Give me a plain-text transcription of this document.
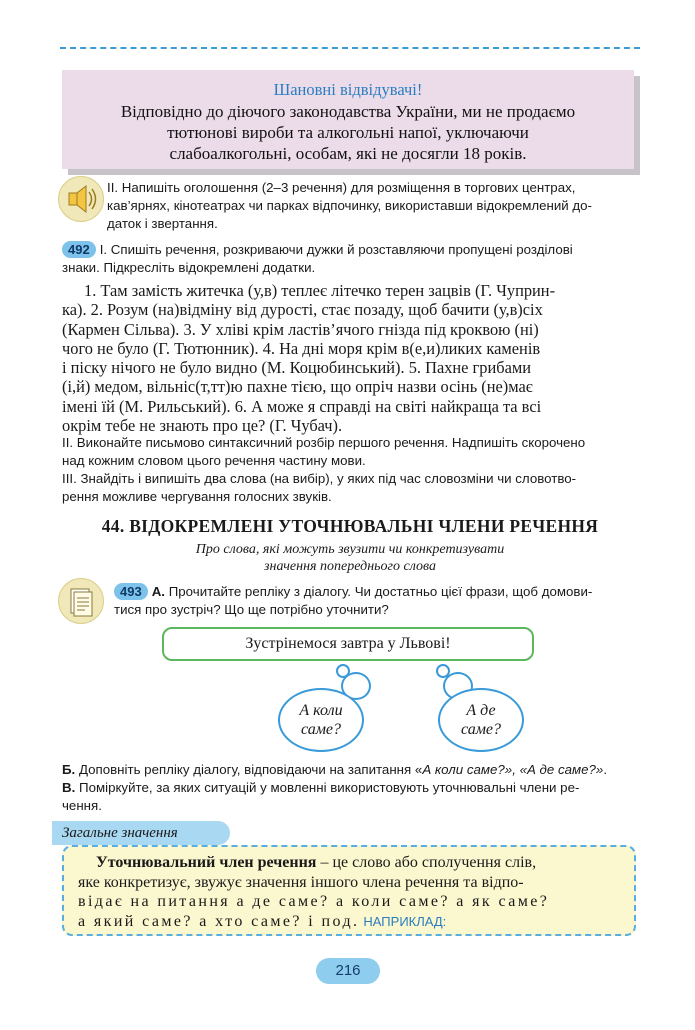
Шановні відвідувачі!
Відповідно до діючого законодавства України, ми не продаємо
тютюнові вироби та алкогольні напої, уключаючи
слабоалкогольні, особам, які не досягли 18 років.
ІІ. Напишіть оголошення (2–3 речення) для розміщення в торгових центрах,
кав’ярнях, кінотеатрах чи парках відпочинку, використавши відокремлений до-
даток і звертання.
492 І. Спишіть речення, розкриваючи дужки й розставляючи пропущені розділові
знаки. Підкресліть відокремлені додатки.
1. Там замість житечка (у,в) теплеє літечко терен зацвів (Г. Чуприн-
ка). 2. Розум (на)відміну від дурості, стає позаду, щоб бачити (у,в)сіх
(Кармен Сільва). 3. У хліві крім ластів’ячого гнізда під кроквою (ні)
чого не було (Г. Тютюнник). 4. На дні моря крім в(е,и)ликих каменів
і піску нічого не було видно (М. Коцюбинський). 5. Пахне грибами
(і,й) медом, вільніс(т,тт)ю пахне тією, що опріч назви осінь (не)має
імені їй (М. Рильський). 6. А може я справді на світі найкраща та всі
окрім тебе не знають про це? (Г. Чубач).
ІІ. Виконайте письмово синтаксичний розбір першого речення. Надпишіть скорочено
над кожним словом цього речення частину мови.
ІІІ. Знайдіть і випишіть два слова (на вибір), у яких під час словозміни чи словотво-
рення можливе чергування голосних звуків.
44. ВІДОКРЕМЛЕНІ УТОЧНЮВАЛЬНІ ЧЛЕНИ РЕЧЕННЯ
Про слова, які можуть звузити чи конкретизувати
значення попереднього слова
493 А. Прочитайте репліку з діалогу. Чи достатньо цієї фрази, щоб домови-
тися про зустріч? Що ще потрібно уточнити?
Зустрінемося завтра у Львові!
А коли
саме?
А де
саме?
Б. Доповніть репліку діалогу, відповідаючи на запитання «А коли саме?», «А де саме?».
В. Поміркуйте, за яких ситуацій у мовленні використовують уточнювальні члени ре-
чення.
Загальне значення
Уточнювальний член речення – це слово або сполучення слів,
яке конкретизує, звужує значення іншого члена речення та відпо-
відає на питання а де саме? а коли саме? а як саме?
а який саме? а хто саме? і под. НАПРИКЛАД:
216
